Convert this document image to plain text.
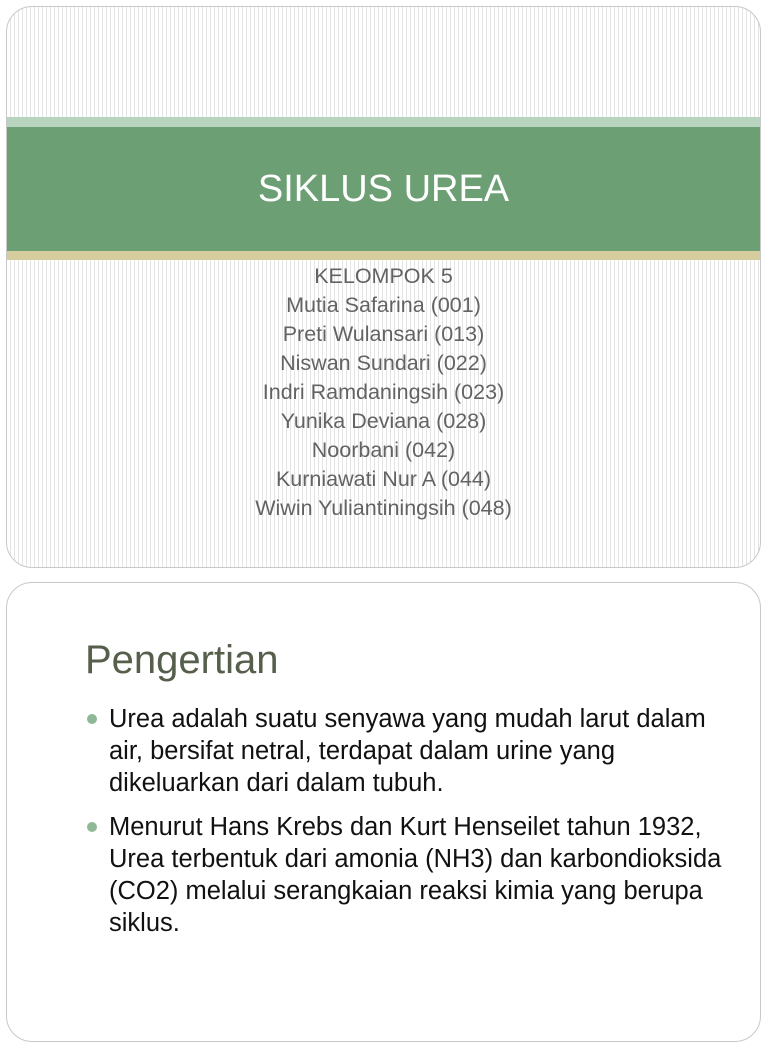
SIKLUS UREA
KELOMPOK 5
Mutia Safarina (001)
Preti Wulansari (013)
Niswan Sundari (022)
Indri Ramdaningsih (023)
Yunika Deviana (028)
Noorbani (042)
Kurniawati Nur A (044)
Wiwin Yuliantiningsih (048)
Pengertian
Urea adalah suatu senyawa yang mudah larut dalam air, bersifat netral, terdapat dalam urine yang dikeluarkan dari dalam tubuh.
Menurut Hans Krebs dan Kurt Henseilet tahun 1932, Urea terbentuk dari amonia (NH3) dan karbondioksida (CO2) melalui serangkaian reaksi kimia yang berupa siklus.
